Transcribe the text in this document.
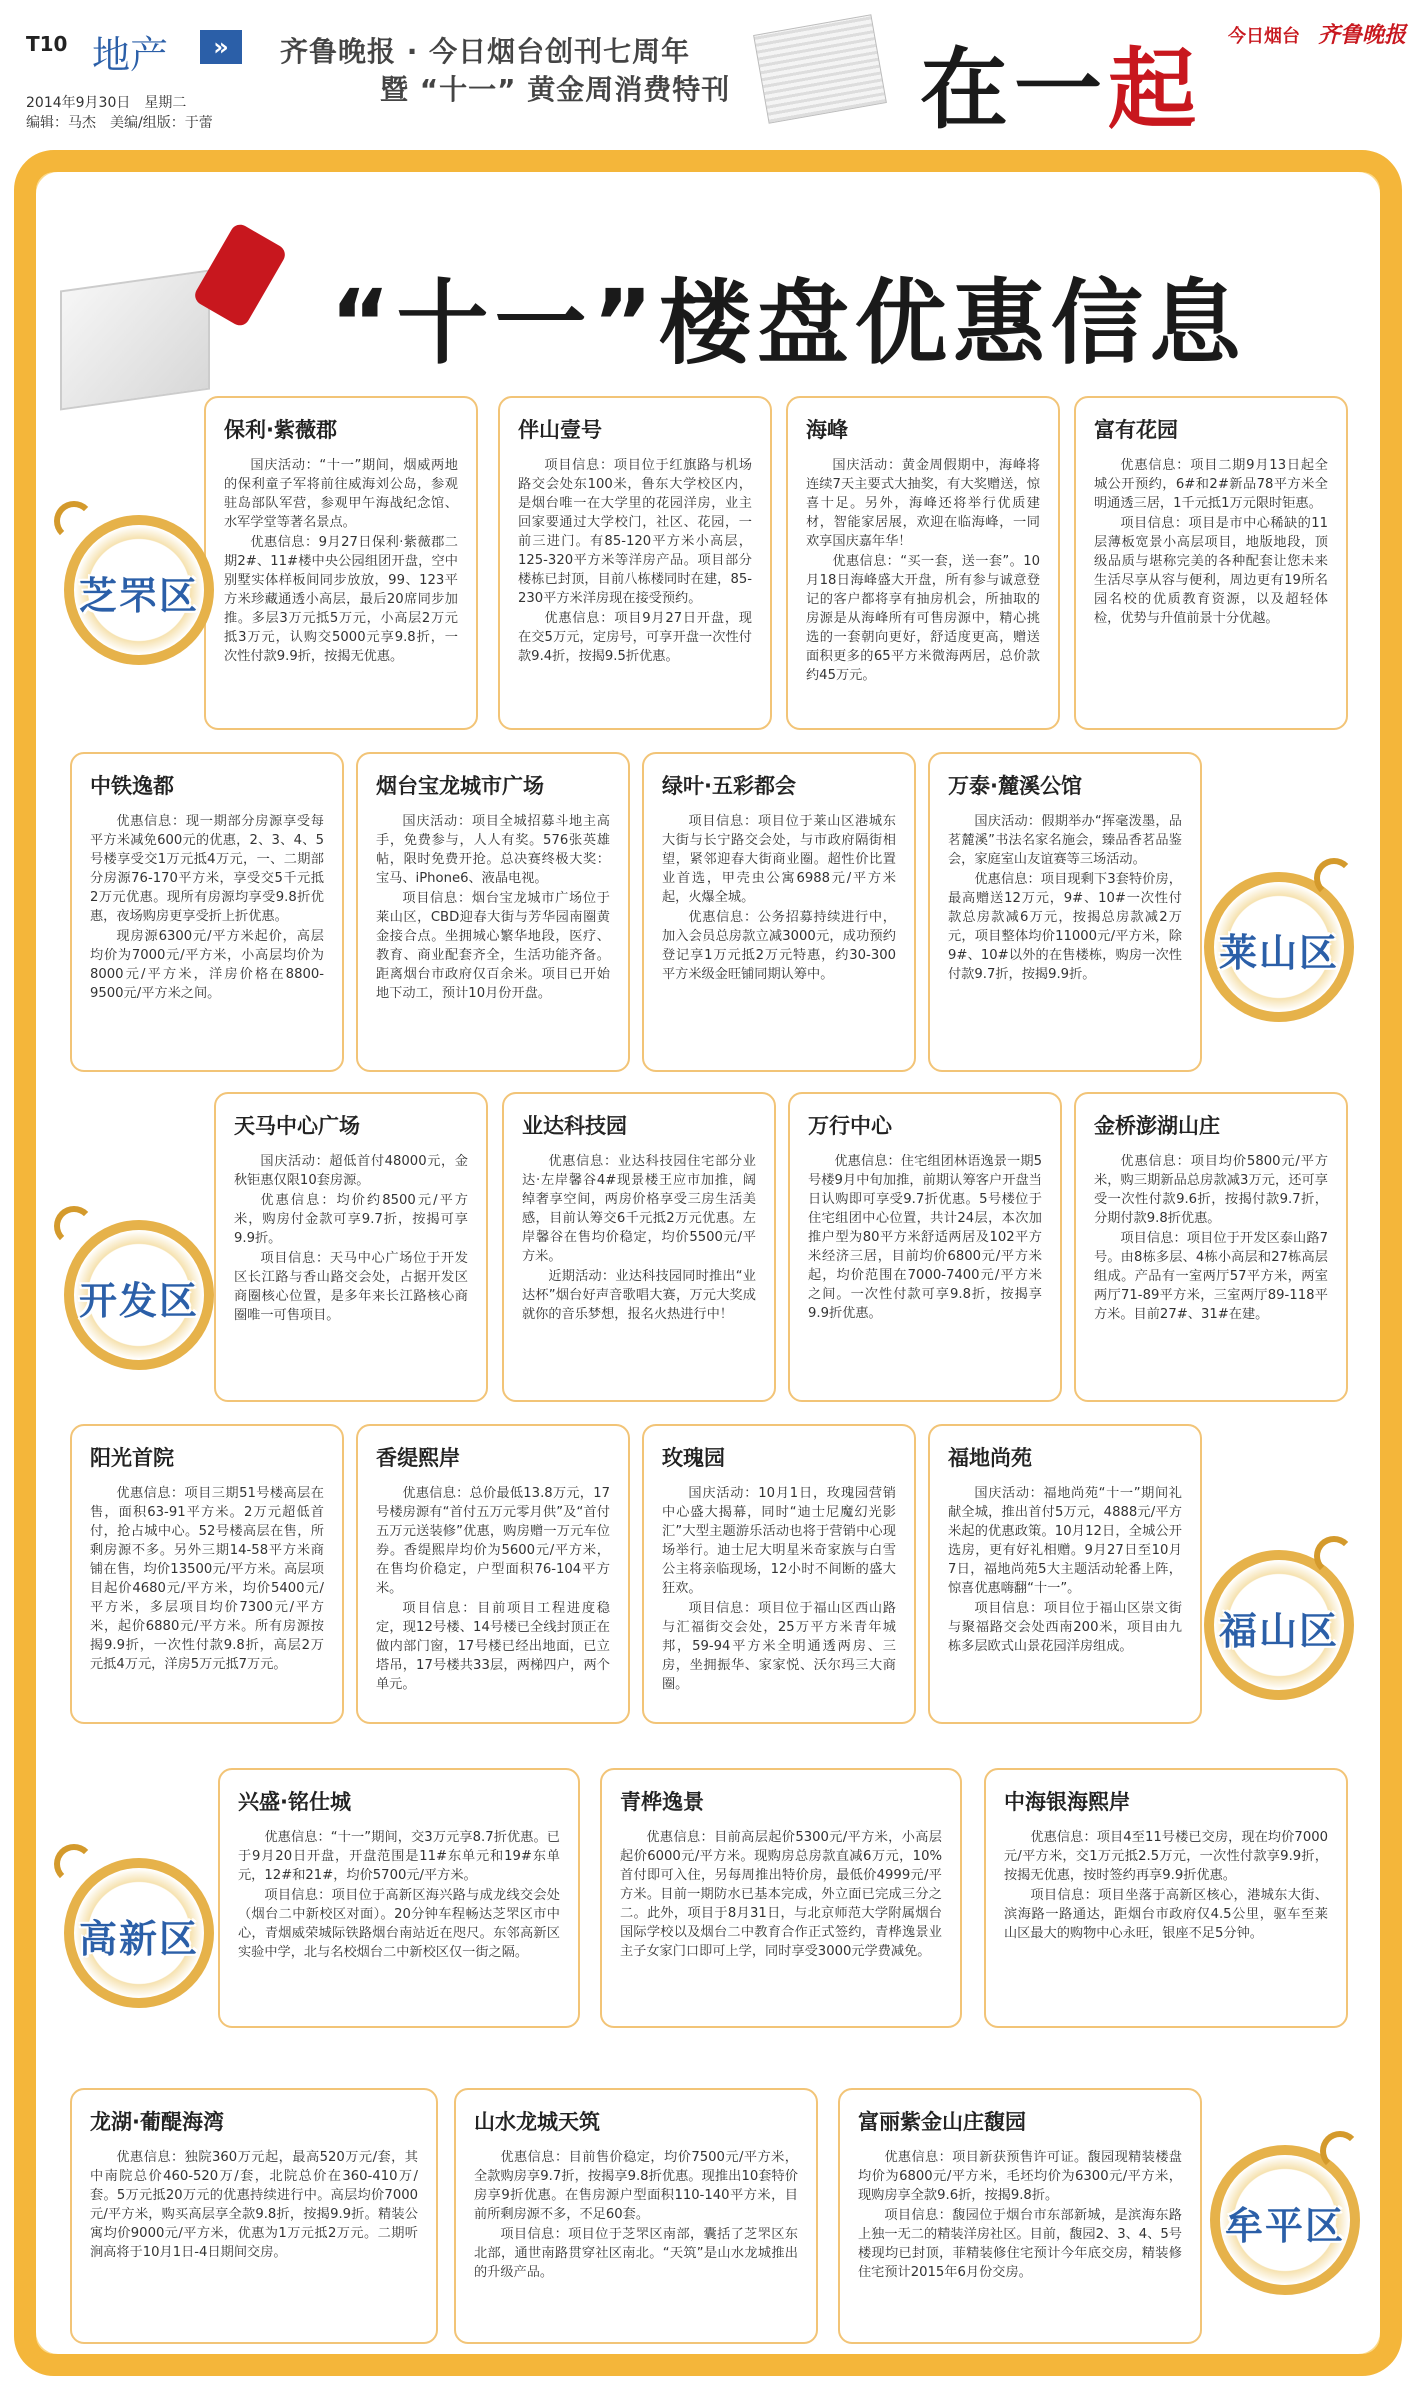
T10 地产	»	齐鲁晚报 · 今日烟台创刊七周年
暨 “十一” 黄金周消费特刊
2014年9月30日　星期二
编辑：马杰　美编/组版：于蕾	在一起
今日烟台 齐鲁晚报
“十一”楼盘优惠信息
保利·紫薇郡

国庆活动：“十一”期间，烟威两地的保利童子军将前往威海刘公岛，参观驻岛部队军营，参观甲午海战纪念馆、水军学堂等著名景点。

优惠信息：9月27日保利·紫薇郡二期2#、11#楼中央公园组团开盘，空中别墅实体样板间同步放放，99、123平方米珍藏通透小高层，最后20席同步加推。多层3万元抵5万元，小高层2万元抵3万元，认购交5000元享9.8折，一次性付款9.9折，按揭无优惠。

伴山壹号

项目信息：项目位于红旗路与机场路交会处东100米，鲁东大学校区内，是烟台唯一在大学里的花园洋房，业主回家要通过大学校门，社区、花园，一前三进门。有85-120平方米小高层，125-320平方米等洋房产品。项目部分楼栋已封顶，目前八栋楼同时在建，85-230平方米洋房现在接受预约。

优惠信息：项目9月27日开盘，现在交5万元，定房号，可享开盘一次性付款9.4折，按揭9.5折优惠。

海峰

国庆活动：黄金周假期中，海峰将连续7天主要式大抽奖，有大奖赠送，惊喜十足。另外，海峰还将举行优质建材，智能家居展，欢迎在临海峰，一同欢享国庆嘉年华！

优惠信息：“买一套，送一套”。10月18日海峰盛大开盘，所有参与诚意登记的客户都将享有抽房机会，所抽取的房源是从海峰所有可售房源中，精心挑选的一套朝向更好，舒适度更高，赠送面积更多的65平方米微海两居，总价款约45万元。

富有花园

优惠信息：项目二期9月13日起全城公开预约，6#和2#新品78平方米全明通透三居，1千元抵1万元限时钜惠。

项目信息：项目是市中心稀缺的11层薄板宽景小高层项目，地版地段，顶级品质与堪称完美的各种配套让您未来生活尽享从容与便利，周边更有19所名园名校的优质教育资源，以及超轻体检，优势与升值前景十分优越。

中铁逸都

优惠信息：现一期部分房源享受每平方米减免600元的优惠，2、3、4、5号楼享受交1万元抵4万元，一、二期部分房源76-170平方米，享受交5千元抵2万元优惠。现所有房源均享受9.8折优惠，夜场购房更享受折上折优惠。

现房源6300元/平方米起价，高层均价为7000元/平方米，小高层均价为8000元/平方米，洋房价格在8800-9500元/平方米之间。

烟台宝龙城市广场

国庆活动：项目全城招募斗地主高手，免费参与，人人有奖。576张英雄帖，限时免费开抢。总决赛终极大奖：宝马、iPhone6、液晶电视。

项目信息：烟台宝龙城市广场位于莱山区，CBD迎春大街与芳华园南圈黄金接合点。坐拥城心繁华地段，医疗、教育、商业配套齐全，生活功能齐备。距离烟台市政府仅百余米。项目已开始地下动工，预计10月份开盘。

绿叶·五彩都会

项目信息：项目位于莱山区港城东大街与长宁路交会处，与市政府隔街相望，紧邻迎春大街商业圈。超性价比置业首选，甲壳虫公寓6988元/平方米起，火爆全城。

优惠信息：公务招募持续进行中，加入会员总房款立减3000元，成功预约登记享1万元抵2万元特惠，约30-300平方米级金旺铺同期认筹中。

万泰·麓溪公馆

国庆活动：假期举办“挥毫泼墨，品茗麓溪”书法名家名施会，臻品香茗品鉴会，家庭室山友谊赛等三场活动。

优惠信息：项目现剩下3套特价房，最高赠送12万元，9#、10#一次性付款总房款减6万元，按揭总房款减2万元，项目整体均价11000元/平方米，除9#、10#以外的在售楼栋，购房一次性付款9.7折，按揭9.9折。

天马中心广场

国庆活动：超低首付48000元，金秋钜惠仅限10套房源。

优惠信息：均价约8500元/平方米，购房付金款可享9.7折，按揭可享9.9折。

项目信息：天马中心广场位于开发区长江路与香山路交会处，占据开发区商圈核心位置，是多年来长江路核心商圈唯一可售项目。

业达科技园

优惠信息：业达科技园住宅部分业达·左岸馨谷4#现景楼王应市加推，阔绰奢享空间，两房价格享受三房生活美感，目前认筹交6千元抵2万元优惠。左岸馨谷在售均价稳定，均价5500元/平方米。

近期活动：业达科技园同时推出“业达杯”烟台好声音歌唱大赛，万元大奖成就你的音乐梦想，报名火热进行中！

万行中心

优惠信息：住宅组团林语逸景一期5号楼9月中旬加推，前期认筹客户开盘当日认购即可享受9.7折优惠。5号楼位于住宅组团中心位置，共计24层，本次加推户型为80平方米舒适两居及102平方米经济三居，目前均价6800元/平方米起，均价范围在7000-7400元/平方米之间。一次性付款可享9.8折，按揭享9.9折优惠。

金桥澎湖山庄

优惠信息：项目均价5800元/平方米，购三期新品总房款减3万元，还可享受一次性付款9.6折，按揭付款9.7折，分期付款9.8折优惠。

项目信息：项目位于开发区泰山路7号。由8栋多层、4栋小高层和27栋高层组成。产品有一室两厅57平方米，两室两厅71-89平方米，三室两厅89-118平方米。目前27#、31#在建。

阳光首院

优惠信息：项目三期51号楼高层在售，面积63-91平方米。2万元超低首付，抢占城中心。52号楼高层在售，所剩房源不多。另外三期14-58平方米商铺在售，均价13500元/平方米。高层项目起价4680元/平方米，均价5400元/平方米，多层项目均价7300元/平方米，起价6880元/平方米。所有房源按揭9.9折，一次性付款9.8折，高层2万元抵4万元，洋房5万元抵7万元。

香缇熙岸

优惠信息：总价最低13.8万元，17号楼房源有“首付五万元零月供”及“首付五万元送装修”优惠，购房赠一万元车位券。香缇熙岸均价为5600元/平方米，在售均价稳定，户型面积76-104平方米。

项目信息：目前项目工程进度稳定，现12号楼、14号楼已全线封顶正在做内部门窗，17号楼已经出地面，已立塔吊，17号楼共33层，两梯四户，两个单元。

玫瑰园

国庆活动：10月1日，玫瑰园营销中心盛大揭幕，同时“迪士尼魔幻光影汇”大型主题游乐活动也将于营销中心现场举行。迪士尼大明星米奇家族与白雪公主将亲临现场，12小时不间断的盛大狂欢。

项目信息：项目位于福山区西山路与汇福街交会处，25万平方米青年城邦，59-94平方米全明通透两房、三房，坐拥振华、家家悦、沃尔玛三大商圈。

福地尚苑

国庆活动：福地尚苑“十一”期间礼献全城，推出首付5万元，4888元/平方米起的优惠政策。10月12日，全城公开选房，更有好礼相赠。9月27日至10月7日，福地尚苑5大主题活动轮番上阵，惊喜优惠嗨翻“十一”。

项目信息：项目位于福山区崇文街与聚福路交会处西南200米，项目由九栋多层欧式山景花园洋房组成。

兴盛·铭仕城

优惠信息：“十一”期间，交3万元享8.7折优惠。已于9月20日开盘，开盘范围是11#东单元和19#东单元，12#和21#，均价5700元/平方米。

项目信息：项目位于高新区海兴路与成龙线交会处（烟台二中新校区对面）。20分钟车程畅达芝罘区市中心，青烟威荣城际铁路烟台南站近在咫尺。东邻高新区实验中学，北与名校烟台二中新校区仅一街之隔。

青桦逸景

优惠信息：目前高层起价5300元/平方米，小高层起价6000元/平方米。现购房总房款直减6万元，10%首付即可入住，另每周推出特价房，最低价4999元/平方米。目前一期防水已基本完成，外立面已完成三分之二。此外，项目于8月31日，与北京师范大学附属烟台国际学校以及烟台二中教育合作正式签约，青桦逸景业主子女家门口即可上学，同时享受3000元学费减免。

中海银海熙岸

优惠信息：项目4至11号楼已交房，现在均价7000元/平方米，交1万元抵2.5万元，一次性付款享9.9折，按揭无优惠，按时签约再享9.9折优惠。

项目信息：项目坐落于高新区核心，港城东大街、滨海路一路通达，距烟台市政府仅4.5公里，驱车至莱山区最大的购物中心永旺，银座不足5分钟。

龙湖·葡醍海湾

优惠信息：独院360万元起，最高520万元/套，其中南院总价460-520万/套，北院总价在360-410万/套。5万元抵20万元的优惠持续进行中。高层均价7000元/平方米，购买高层享全款9.8折，按揭9.9折。精装公寓均价9000元/平方米，优惠为1万元抵2万元。二期听涧高将于10月1日-4日期间交房。

山水龙城天筑

优惠信息：目前售价稳定，均价7500元/平方米，全款购房享9.7折，按揭享9.8折优惠。现推出10套特价房享9折优惠。在售房源户型面积110-140平方米，目前所剩房源不多，不足60套。

项目信息：项目位于芝罘区南部，囊括了芝罘区东北部，通世南路贯穿社区南北。“天筑”是山水龙城推出的升级产品。

富丽紫金山庄馥园

优惠信息：项目新获预售许可证。馥园现精装楼盘均价为6800元/平方米，毛坯均价为6300元/平方米，现购房享全款9.6折，按揭9.8折。

项目信息：馥园位于烟台市东部新城，是滨海东路上独一无二的精装洋房社区。目前，馥园2、3、4、5号楼现均已封顶，菲精装修住宅预计今年底交房，精装修住宅预计2015年6月份交房。

芝罘区
莱山区
开发区
福山区
高新区
牟平区
